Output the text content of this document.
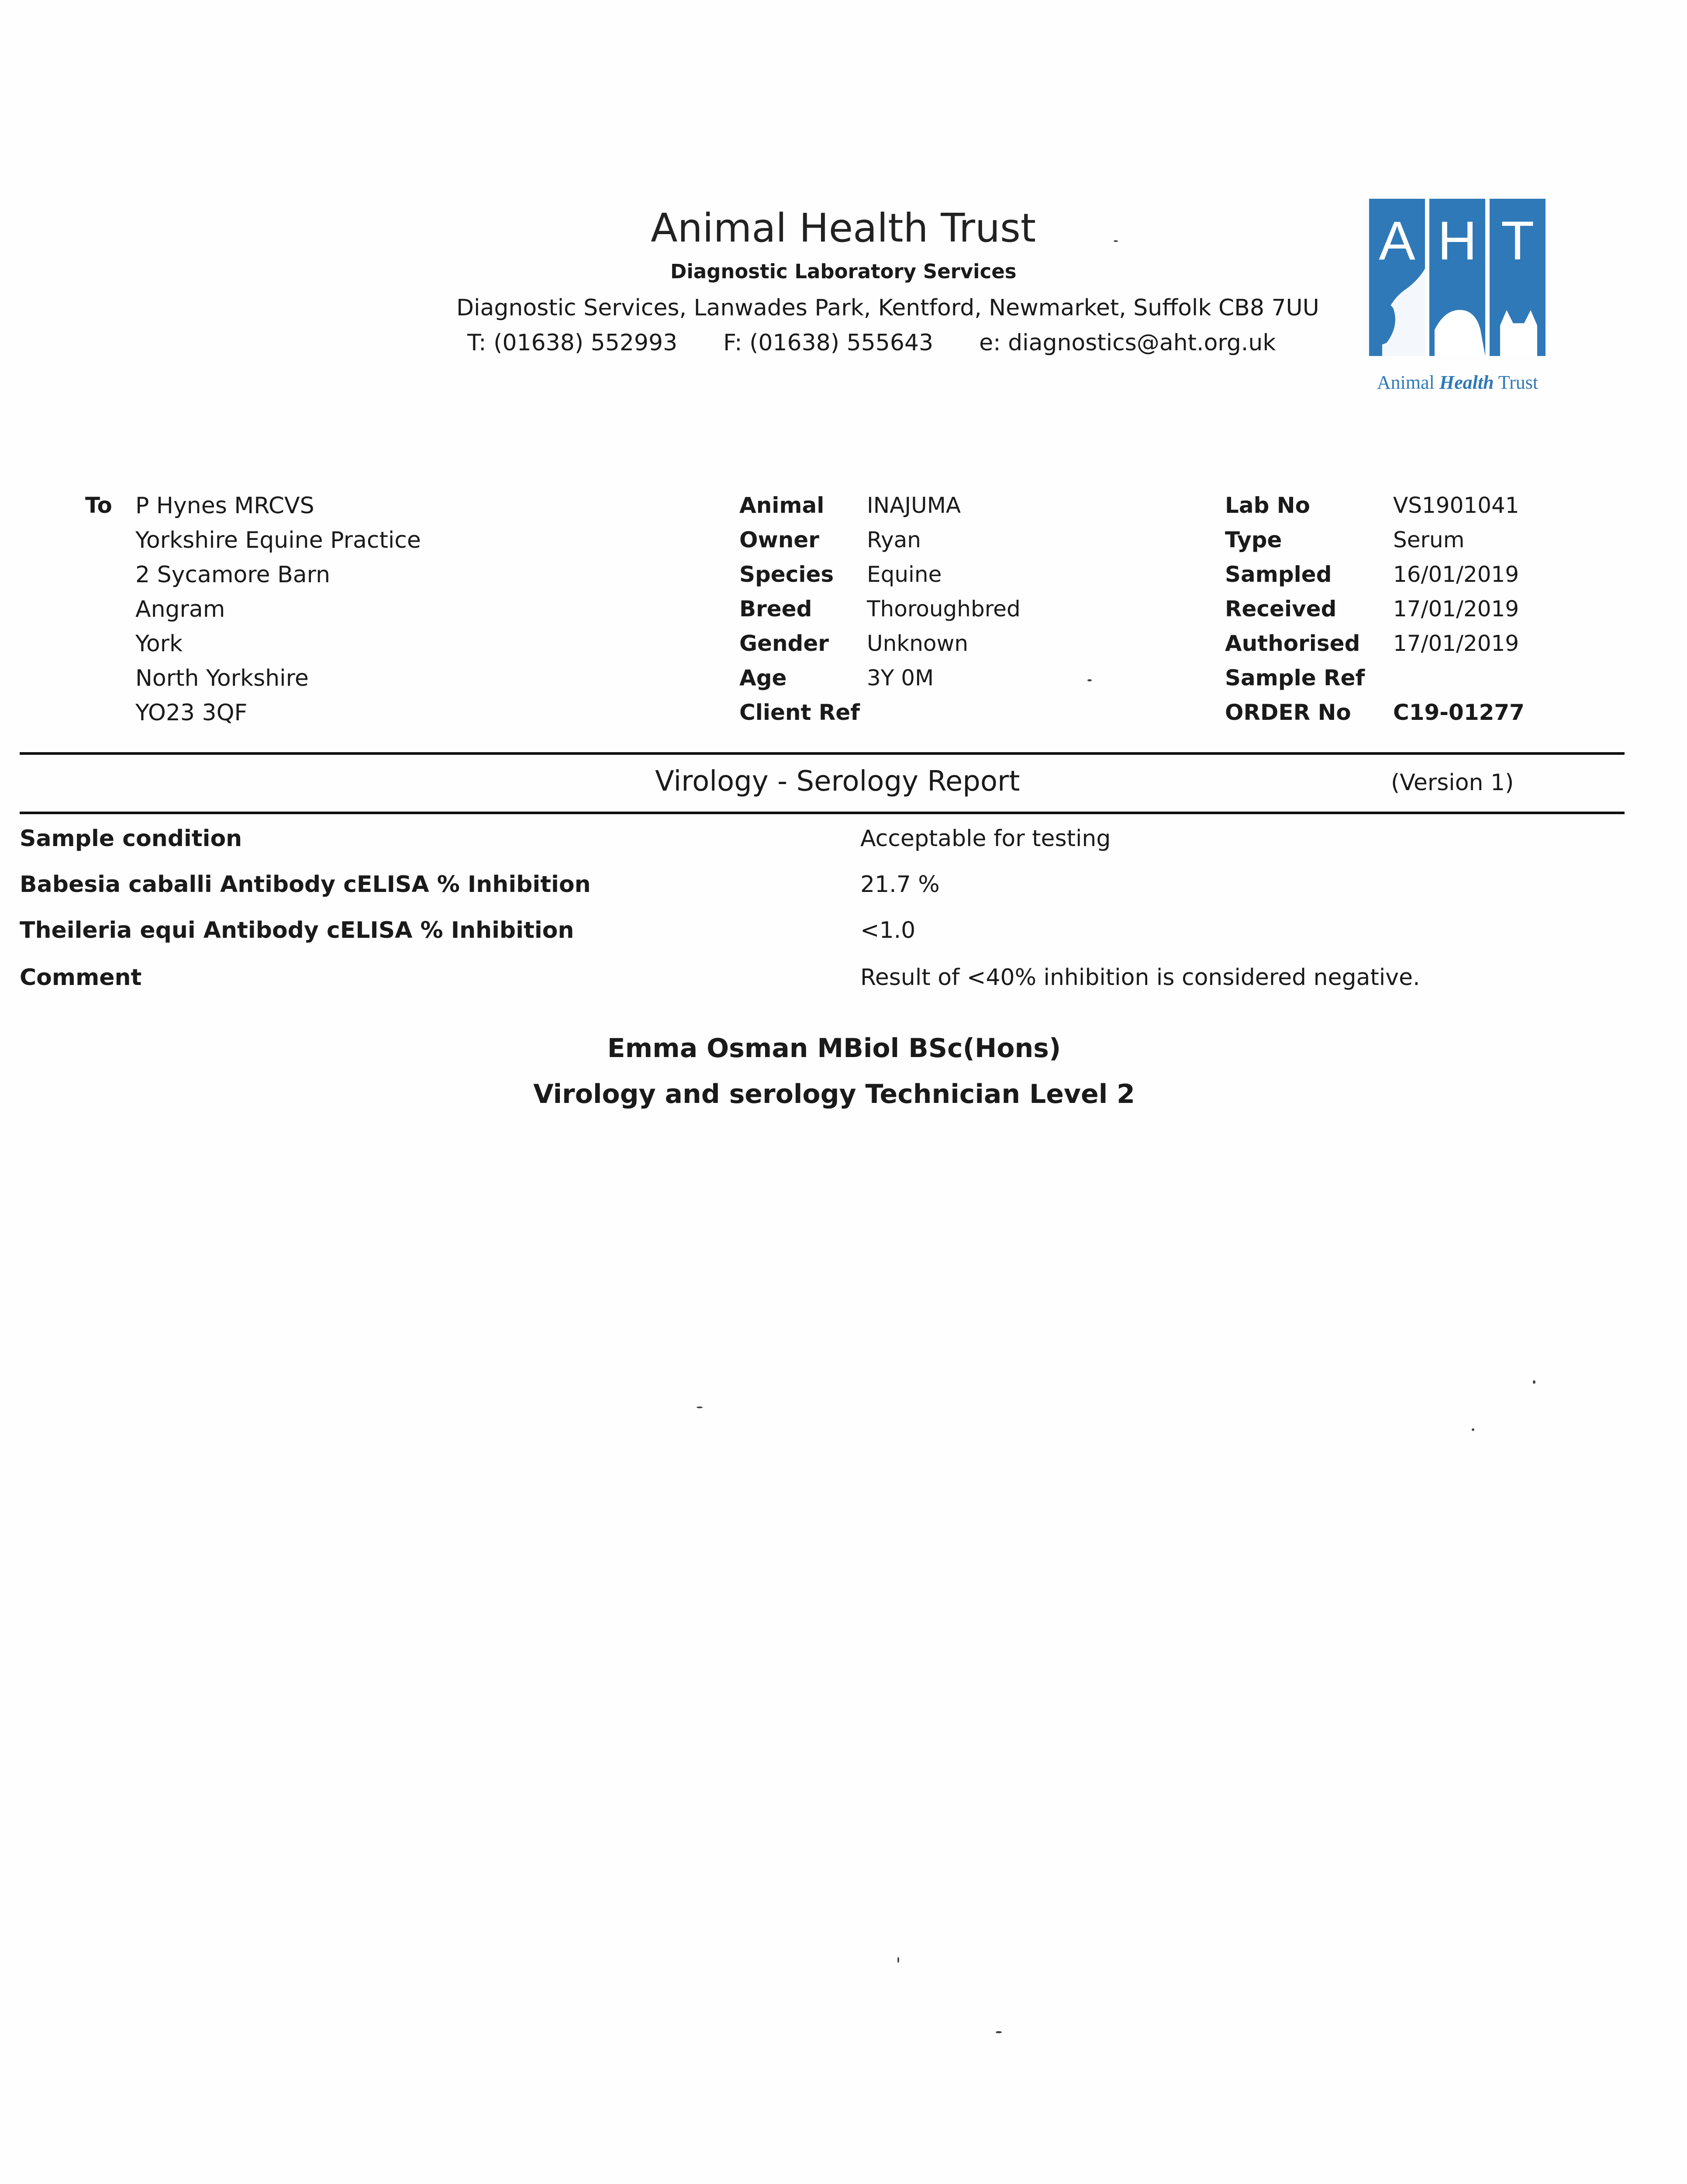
Animal Health Trust
Diagnostic Laboratory Services
Diagnostic Services, Lanwades Park, Kentford, Newmarket, Suffolk CB8 7UU
T: (01638) 552993 F: (01638) 555643 e: diagnostics@aht.org.uk
A H T
Animal Health Trust
To P Hynes MRCVS
Yorkshire Equine Practice
2 Sycamore Barn
Angram
York
North Yorkshire
YO23 3QF
Animal INAJUMA
Owner Ryan
Species Equine
Breed	Thoroughbred
Gender Unknown
Age	3Y 0M
Client Ref
Lab No	VS1901041
Type	Serum
Sampled	16/01/2019
Received	17/01/2019
Authorised 17/01/2019
Sample Ref
ORDER No C19-01277
Virology - Serology Report	(Version 1)
Sample condition	Acceptable for testing
Babesia caballi Antibody cELISA % Inhibition	21.7 %
Theileria equi Antibody cELISA % Inhibition	<1.0
Comment	Result of <40% inhibition is considered negative.
Emma Osman MBiol BSc(Hons)
Virology and serology Technician Level 2
